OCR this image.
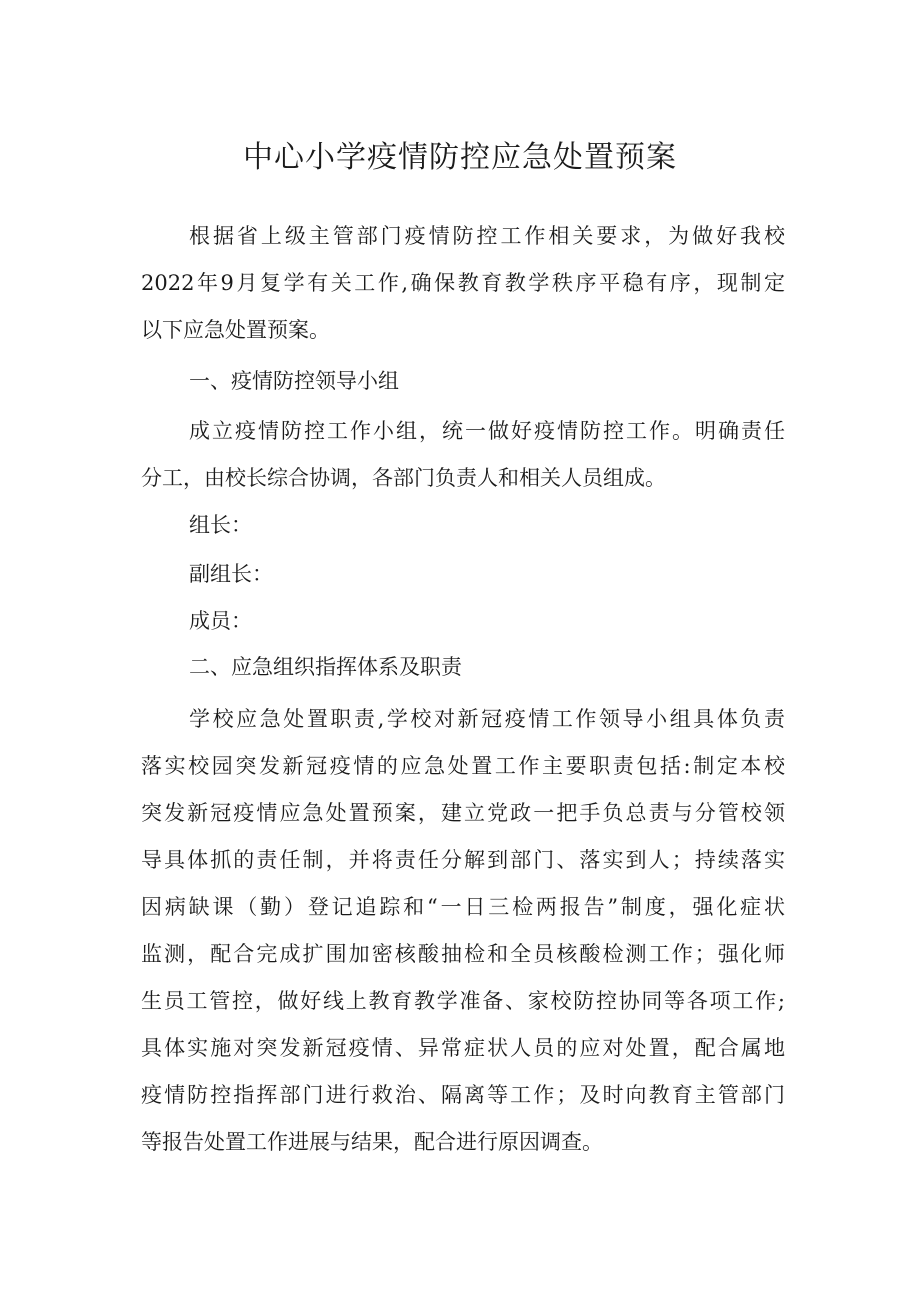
中心小学疫情防控应急处置预案
根据省上级主管部门疫情防控工作相关要求，为做好我校
2022年9月复学有关工作,确保教育教学秩序平稳有序，现制定
以下应急处置预案。
一、疫情防控领导小组
成立疫情防控工作小组，统一做好疫情防控工作。明确责任
分工，由校长综合协调，各部门负责人和相关人员组成。

组长：

副组长：

成员：

二、应急组织指挥体系及职责
学校应急处置职责,学校对新冠疫情工作领导小组具体负责
落实校园突发新冠疫情的应急处置工作主要职责包括:制定本校
突发新冠疫情应急处置预案，建立党政一把手负总责与分管校领
导具体抓的责任制，并将责任分解到部门、落实到人；持续落实
因病缺课（勤）登记追踪和“一日三检两报告”制度，强化症状
监测，配合完成扩围加密核酸抽检和全员核酸检测工作；强化师
生员工管控，做好线上教育教学准备、家校防控协同等各项工作;
具体实施对突发新冠疫情、异常症状人员的应对处置，配合属地
疫情防控指挥部门进行救治、隔离等工作；及时向教育主管部门
等报告处置工作进展与结果，配合进行原因调查。
